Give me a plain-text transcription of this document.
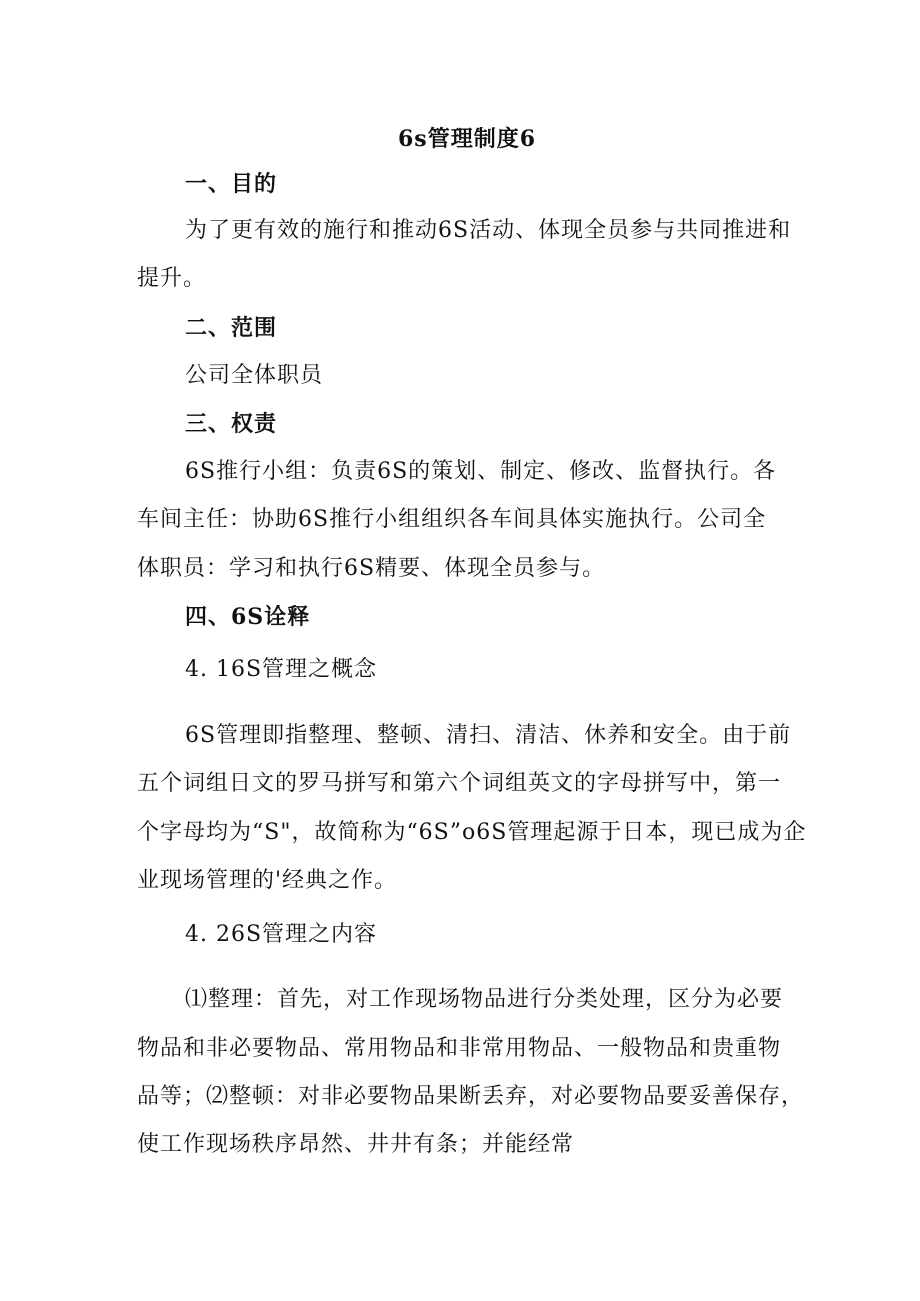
6s管理制度6
一、目的
为了更有效的施行和推动6S活动、体现全员参与共同推进和
提升。
二、范围
公司全体职员
三、权责
6S推行小组：负责6S的策划、制定、修改、监督执行。各
车间主任：协助6S推行小组组织各车间具体实施执行。公司全
体职员：学习和执行6S精要、体现全员参与。
四、6S诠释
4. 16S管理之概念
6S管理即指整理、整顿、清扫、清洁、休养和安全。由于前
五个词组日文的罗马拼写和第六个词组英文的字母拼写中，第一
个字母均为“S"，故简称为“6S”o6S管理起源于日本，现已成为企
业现场管理的'经典之作。
4. 26S管理之内容
⑴整理：首先，对工作现场物品进行分类处理，区分为必要
物品和非必要物品、常用物品和非常用物品、一般物品和贵重物
品等；⑵整顿：对非必要物品果断丢弃，对必要物品要妥善保存，
使工作现场秩序昂然、井井有条；并能经常
